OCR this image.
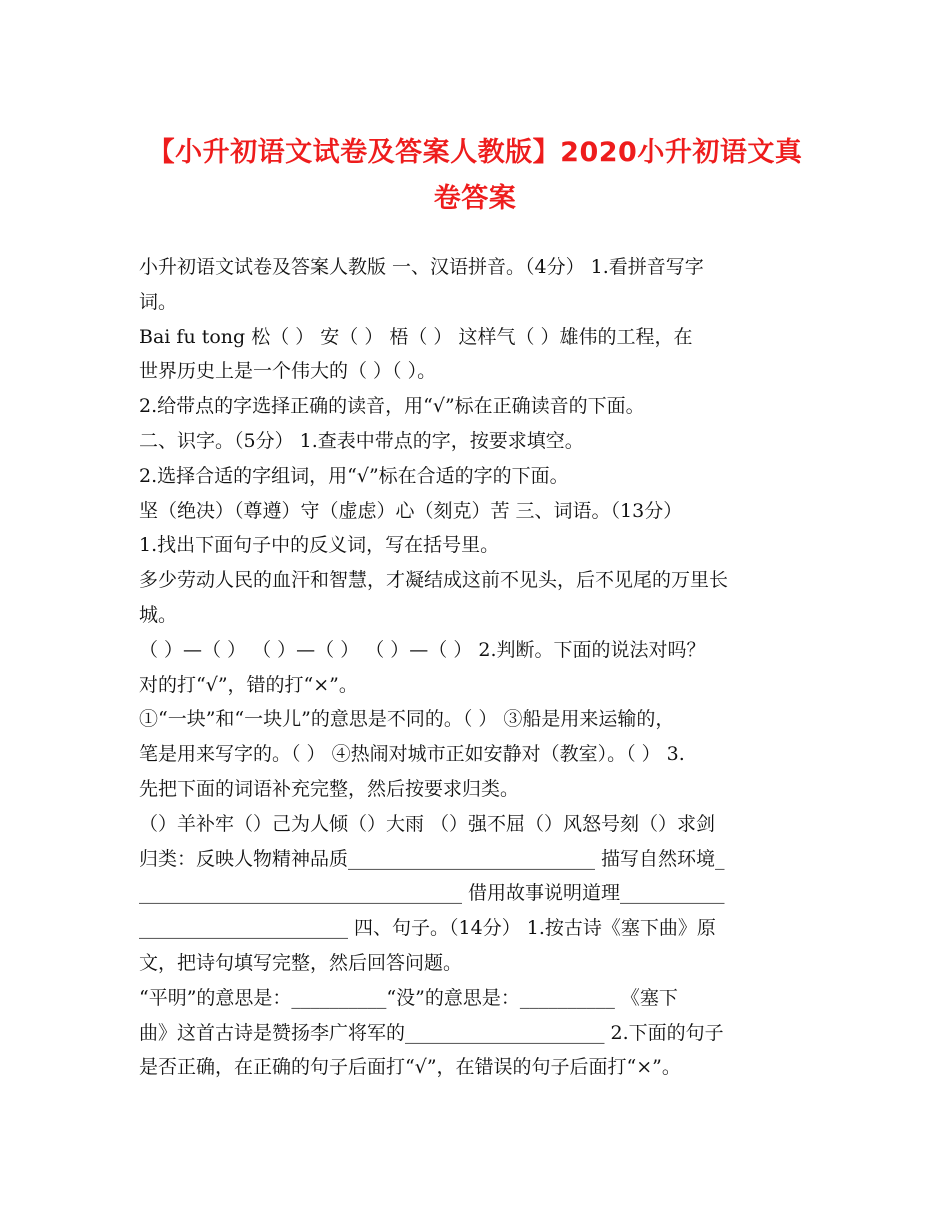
【小升初语文试卷及答案人教版】2020小升初语文真
卷答案
小升初语文试卷及答案人教版 一、汉语拼音。（4分） 1.看拼音写字
词。
Bai fu tong 松（ ） 安（ ） 梧（ ） 这样气（ ）雄伟的工程，在
世界历史上是一个伟大的（ ）（ ）。
2.给带点的字选择正确的读音，用“√”标在正确读音的下面。
二、识字。（5分） 1.查表中带点的字，按要求填空。
2.选择合适的字组词，用“√”标在合适的字的下面。
坚（绝决）（尊遵）守（虚虑）心（刻克）苦 三、词语。（13分）
1.找出下面句子中的反义词，写在括号里。
多少劳动人民的血汗和智慧，才凝结成这前不见头，后不见尾的万里长
城。
（ ）—（ ） （ ）—（ ） （ ）—（ ） 2.判断。下面的说法对吗？
对的打“√”，错的打“×”。
①“一块”和“一块儿”的意思是不同的。（ ） ③船是用来运输的，
笔是用来写字的。（ ） ④热闹对城市正如安静对（教室）。（ ） 3.
先把下面的词语补充完整，然后按要求归类。
（）羊补牢（）己为人倾（）大雨 （）强不屈（）风怒号刻（）求剑
归类：反映人物精神品质__________________________ 描写自然环境_
__________________________________ 借用故事说明道理___________
______________________ 四、句子。（14分） 1.按古诗《塞下曲》原
文，把诗句填写完整，然后回答问题。
“平明”的意思是：__________“没”的意思是：__________ 《塞下
曲》这首古诗是赞扬李广将军的_____________________ 2.下面的句子
是否正确，在正确的句子后面打“√”，在错误的句子后面打“×”。
